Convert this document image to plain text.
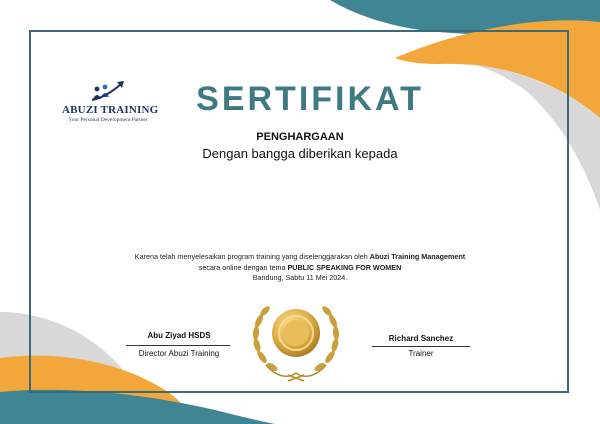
ABUZI TRAINING
Your Personal Development Partner
SERTIFIKAT
PENGHARGAAN
Dengan bangga diberikan kepada
Karena telah menyelesaikan program training yang diselenggarakan oleh Abuzi Training Management
secara online dengan tema PUBLIC SPEAKING FOR WOMEN
Bandung, Sabtu 11 Mei 2024.
Abu Ziyad HSDS
Director Abuzi Training
Richard Sanchez
Trainer
